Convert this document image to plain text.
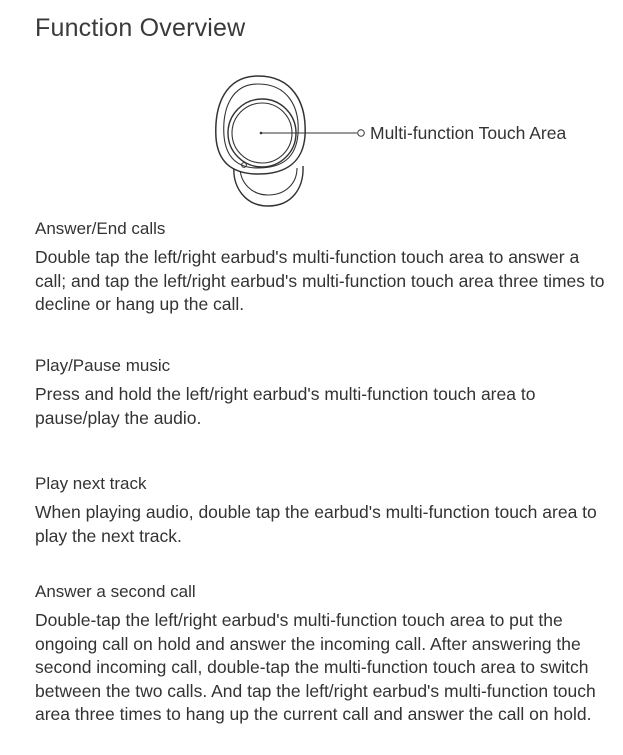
Function Overview
Multi-function Touch Area
Answer/End calls

Double tap the left/right earbud's multi-function touch area to answer a call; and tap the left/right earbud's multi-function touch area three times to decline or hang up the call.

Play/Pause music

Press and hold the left/right earbud's multi-function touch area to pause/play the audio.

Play next track

When playing audio, double tap the earbud's multi-function touch area to play the next track.

Answer a second call

Double-tap the left/right earbud's multi-function touch area to put the ongoing call on hold and answer the incoming call. After answering the second incoming call, double-tap the multi-function touch area to switch between the two calls. And tap the left/right earbud's multi-function touch area three times to hang up the current call and answer the call on hold.
